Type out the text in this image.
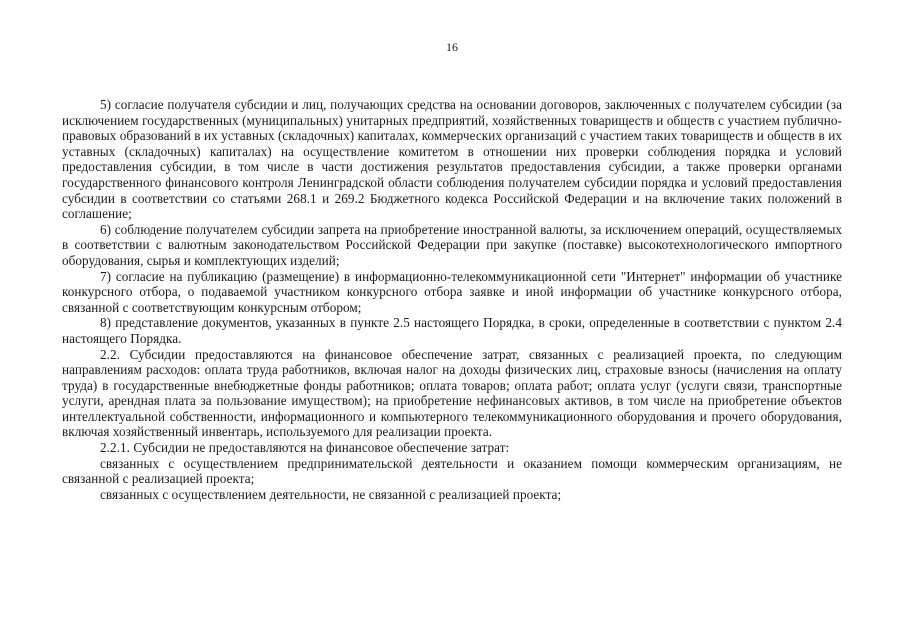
16

5) согласие получателя субсидии и лиц, получающих средства на основании договоров, заключенных с получателем субсидии (за исключением государственных (муниципальных) унитарных предприятий, хозяйственных товариществ и обществ с участием публично-правовых образований в их уставных (складочных) капиталах, коммерческих организаций с участием таких товариществ и обществ в их уставных (складочных) капиталах) на осуществление комитетом в отношении них проверки соблюдения порядка и условий предоставления субсидии, в том числе в части достижения результатов предоставления субсидии, а также проверки органами государственного финансового контроля Ленинградской области соблюдения получателем субсидии порядка и условий предоставления субсидии в соответствии со статьями 268.1 и 269.2 Бюджетного кодекса Российской Федерации и на включение таких положений в соглашение;

6) соблюдение получателем субсидии запрета на приобретение иностранной валюты, за исключением операций, осуществляемых в соответствии с валютным законодательством Российской Федерации при закупке (поставке) высокотехнологического импортного оборудования, сырья и комплектующих изделий;

7) согласие на публикацию (размещение) в информационно-телекоммуникационной сети "Интернет" информации об участнике конкурсного отбора, о подаваемой участником конкурсного отбора заявке и иной информации об участнике конкурсного отбора, связанной с соответствующим конкурсным отбором;

8) представление документов, указанных в пункте 2.5 настоящего Порядка, в сроки, определенные в соответствии с пунктом 2.4 настоящего Порядка.

2.2. Субсидии предоставляются на финансовое обеспечение затрат, связанных с реализацией проекта, по следующим направлениям расходов: оплата труда работников, включая налог на доходы физических лиц, страховые взносы (начисления на оплату труда) в государственные внебюджетные фонды работников; оплата товаров; оплата работ; оплата услуг (услуги связи, транспортные услуги, арендная плата за пользование имуществом); на приобретение нефинансовых активов, в том числе на приобретение объектов интеллектуальной собственности, информационного и компьютерного телекоммуникационного оборудования и прочего оборудования, включая хозяйственный инвентарь, используемого для реализации проекта.

2.2.1. Субсидии не предоставляются на финансовое обеспечение затрат:

связанных с осуществлением предпринимательской деятельности и оказанием помощи коммерческим организациям, не связанной с реализацией проекта;

связанных с осуществлением деятельности, не связанной с реализацией проекта;
